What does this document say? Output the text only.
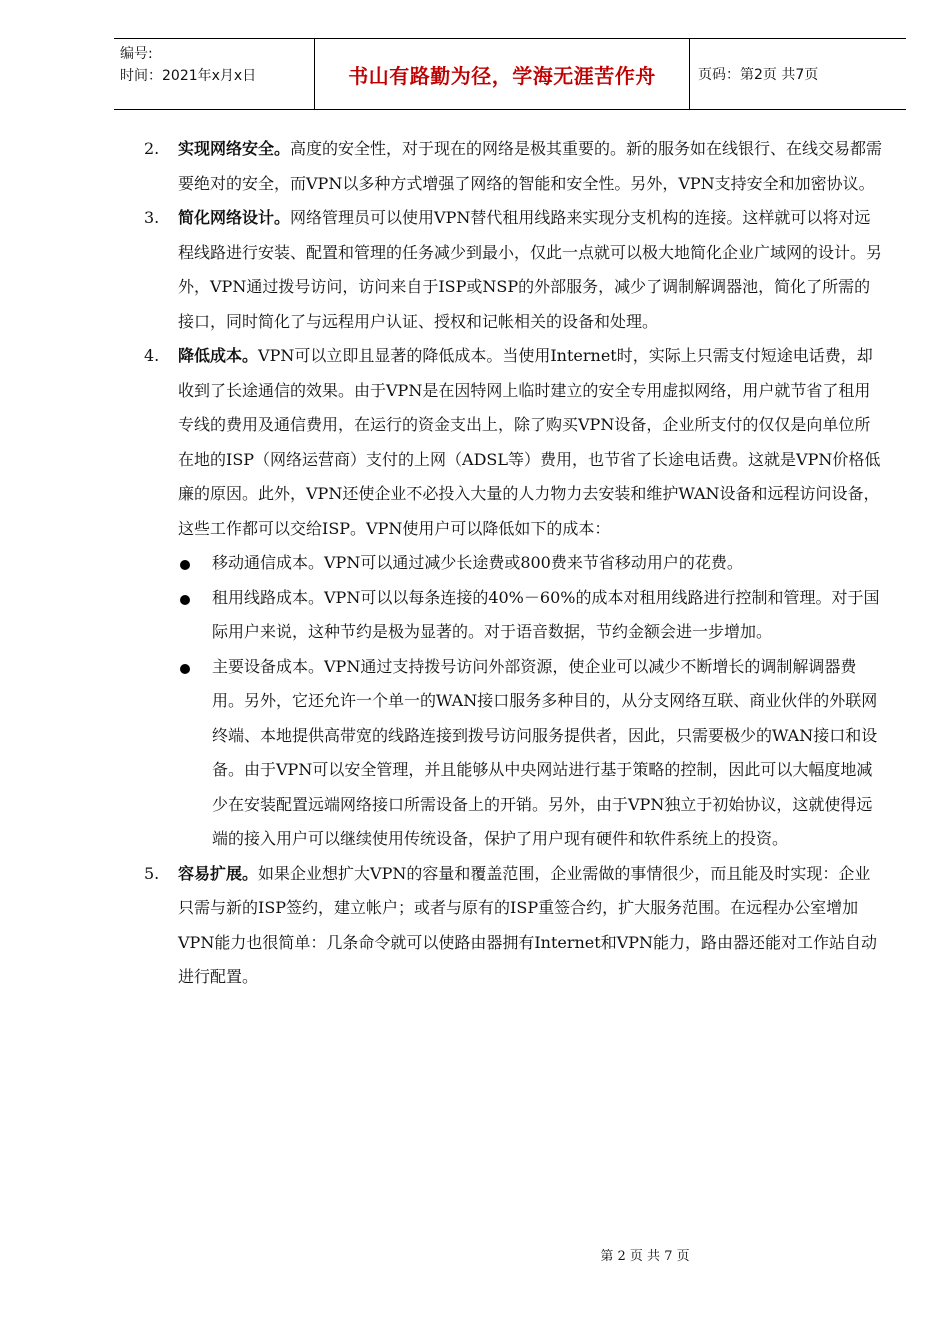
编号:
时间：2021年x月x日	书山有路勤为径，学海无涯苦作舟	页码：第2页 共7页

2. 实现网络安全。高度的安全性，对于现在的网络是极其重要的。新的服务如在线银行、在线交易都需要绝对的安全，而VPN以多种方式增强了网络的智能和安全性。另外，VPN支持安全和加密协议。

3. 简化网络设计。网络管理员可以使用VPN替代租用线路来实现分支机构的连接。这样就可以将对远程线路进行安装、配置和管理的任务减少到最小，仅此一点就可以极大地简化企业广域网的设计。另外，VPN通过拨号访问，访问来自于ISP或NSP的外部服务，减少了调制解调器池，简化了所需的接口，同时简化了与远程用户认证、授权和记帐相关的设备和处理。

4. 降低成本。VPN可以立即且显著的降低成本。当使用Internet时，实际上只需支付短途电话费，却收到了长途通信的效果。由于VPN是在因特网上临时建立的安全专用虚拟网络，用户就节省了租用专线的费用及通信费用，在运行的资金支出上，除了购买VPN设备，企业所支付的仅仅是向单位所在地的ISP（网络运营商）支付的上网（ADSL等）费用，也节省了长途电话费。这就是VPN价格低廉的原因。此外，VPN还使企业不必投入大量的人力物力去安装和维护WAN设备和远程访问设备，这些工作都可以交给ISP。VPN使用户可以降低如下的成本：

移动通信成本。VPN可以通过减少长途费或800费来节省移动用户的花费。

租用线路成本。VPN可以以每条连接的40%－60%的成本对租用线路进行控制和管理。对于国际用户来说，这种节约是极为显著的。对于语音数据，节约金额会进一步增加。

主要设备成本。VPN通过支持拨号访问外部资源，使企业可以减少不断增长的调制解调器费用。另外，它还允许一个单一的WAN接口服务多种目的，从分支网络互联、商业伙伴的外联网终端、本地提供高带宽的线路连接到拨号访问服务提供者，因此，只需要极少的WAN接口和设备。由于VPN可以安全管理，并且能够从中央网站进行基于策略的控制，因此可以大幅度地减少在安装配置远端网络接口所需设备上的开销。另外，由于VPN独立于初始协议，这就使得远端的接入用户可以继续使用传统设备，保护了用户现有硬件和软件系统上的投资。

5. 容易扩展。如果企业想扩大VPN的容量和覆盖范围，企业需做的事情很少，而且能及时实现：企业只需与新的ISP签约，建立帐户；或者与原有的ISP重签合约，扩大服务范围。在远程办公室增加VPN能力也很简单：几条命令就可以使路由器拥有Internet和VPN能力，路由器还能对工作站自动进行配置。

第 2 页 共 7 页
